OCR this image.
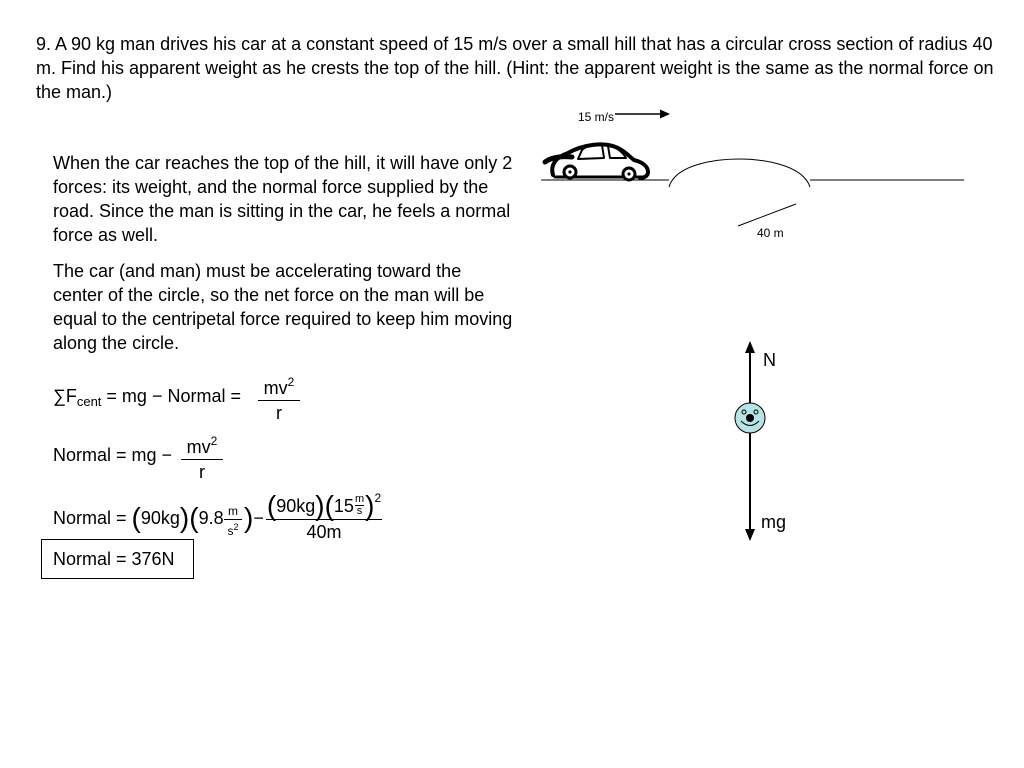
9. A 90 kg man drives his car at a constant speed of 15 m/s over a small hill that has a circular cross section of radius 40 m. Find his apparent weight as he crests the top of the hill. (Hint: the apparent weight is the same as the normal force on the man.)

When the car reaches the top of the hill, it will have only 2 forces: its weight, and the normal force supplied by the road. Since the man is sitting in the car, he feels a normal force as well.

The car (and man) must be accelerating toward the center of the circle, so the net force on the man will be equal to the centripetal force required to keep him moving along the circle.

$\sum F_{cent}$ = mg − Normal =	$mv^2$
r
Normal = mg − $mv^2$
r
Normal = (90kg)(9.8 m
$s^2$ )− $(90kg)(15 \frac{m}{s} )^2$
40m
Normal = 376N
15 m/s
40 m
N
mg
